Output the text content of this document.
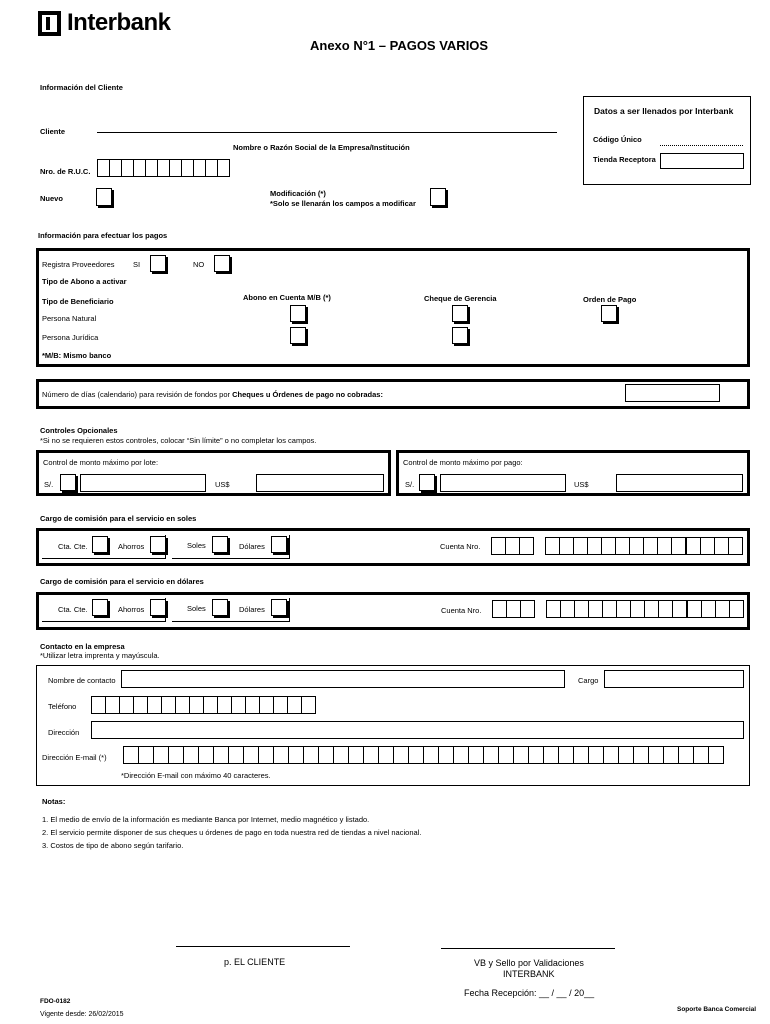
Interbank
Anexo N°1 – PAGOS VARIOS
Información del Cliente
Cliente
Nombre o Razón Social de la Empresa/Institución
Nro. de R.U.C.
Nuevo
Modificación (*)
*Solo se llenarán los campos a modificar
Datos a ser llenados por Interbank
Código Único
Tienda Receptora
Información para efectuar los pagos
Registra Proveedores SI	NO
Tipo de Abono a activar
Tipo de Beneficiario	Abono en Cuenta M/B (*)	Cheque de Gerencia	Orden de Pago
Persona Natural
Persona Jurídica
*M/B: Mismo banco
Número de días (calendario) para revisión de fondos por Cheques u Órdenes de pago no cobradas:
Controles Opcionales
*Si no se requieren estos controles, colocar “Sin límite” o no completar los campos.
Control de monto máximo por lote:
S/.	US$
Control de monto máximo por pago:
S/.	US$
Cargo de comisión para el servicio en soles
Cta. Cte.	Ahorros	Soles	Dólares	Cuenta Nro.
Cargo de comisión para el servicio en dólares
Cta. Cte.	Ahorros	Soles	Dólares	Cuenta Nro.
Contacto en la empresa
*Utilizar letra imprenta y mayúscula.
Nombre de contacto	Cargo
Teléfono
Dirección
Dirección E-mail (*)
*Dirección E-mail con máximo 40 caracteres.
Notas:
1. El medio de envío de la información es mediante Banca por Internet, medio magnético y listado.
2. El servicio permite disponer de sus cheques u órdenes de pago en toda nuestra red de tiendas a nivel nacional.
3. Costos de tipo de abono según tarifario.
p. EL CLIENTE	VB y Sello por Validaciones
INTERBANK
Fecha Recepción: __ / __ / 20__
FDO-0182
Vigente desde: 26/02/2015
Soporte Banca Comercial
